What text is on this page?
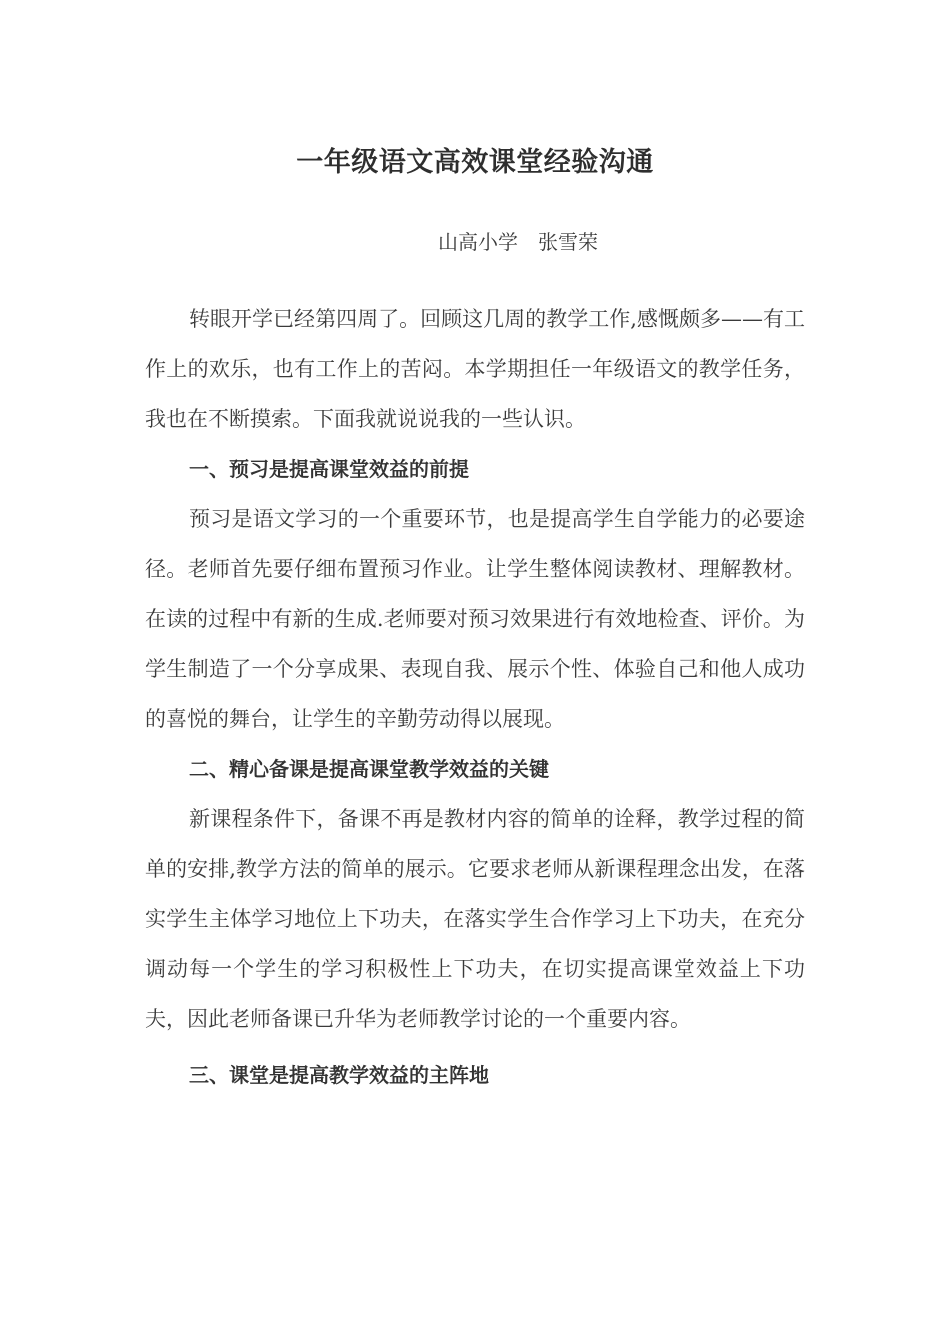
一年级语文高效课堂经验沟通
山高小学　张雪荣

转眼开学已经第四周了。回顾这几周的教学工作,感慨颇多——有工作上的欢乐，也有工作上的苦闷。本学期担任一年级语文的教学任务，我也在不断摸索。下面我就说说我的一些认识。

一、预习是提高课堂效益的前提

预习是语文学习的一个重要环节，也是提高学生自学能力的必要途径。老师首先要仔细布置预习作业。让学生整体阅读教材、理解教材。在读的过程中有新的生成.老师要对预习效果进行有效地检查、评价。为学生制造了一个分享成果、表现自我、展示个性、体验自己和他人成功的喜悦的舞台，让学生的辛勤劳动得以展现。

二、精心备课是提高课堂教学效益的关键

新课程条件下，备课不再是教材内容的简单的诠释，教学过程的简单的安排,教学方法的简单的展示。它要求老师从新课程理念出发，在落实学生主体学习地位上下功夫，在落实学生合作学习上下功夫，在充分调动每一个学生的学习积极性上下功夫，在切实提高课堂效益上下功夫，因此老师备课已升华为老师教学讨论的一个重要内容。

三、课堂是提高教学效益的主阵地
